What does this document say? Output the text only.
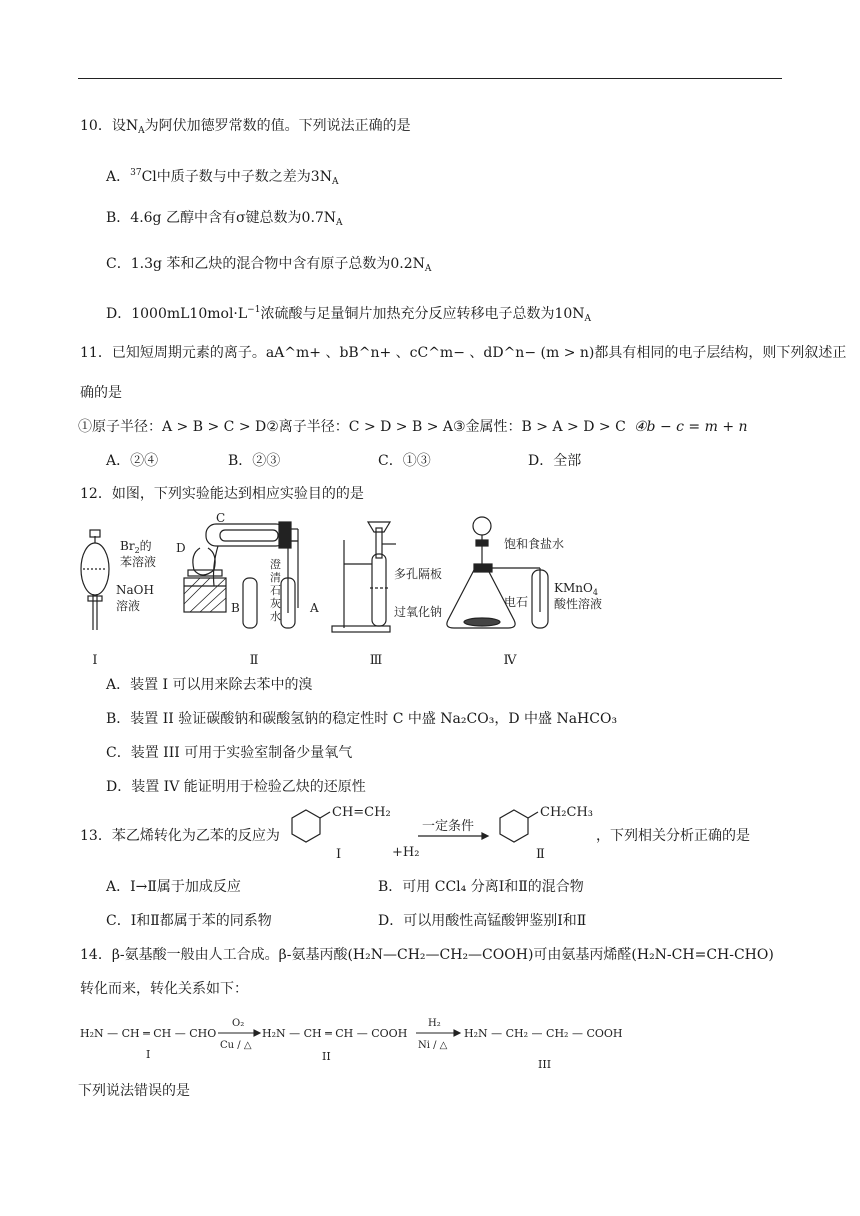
10．设$N_A$为阿伏加德罗常数的值。下列说法正确的是
A．$^{37}$Cl中质子数与中子数之差为$3N_A$
B．4.6g 乙醇中含有σ键总数为$0.7N_A$
C．1.3g 苯和乙炔的混合物中含有原子总数为$0.2N_A$
D．$1000mL10mol\cdot L^{-1}$浓硫酸与足量铜片加热充分反应转移电子总数为$10N_A$
11．已知短周期元素的离子。aA^m+ 、bB^n+ 、cC^m− 、dD^n− (m > n)都具有相同的电子层结构，则下列叙述正
确的是
①原子半径：A > B > C > D②离子半径：C > D > B > A③金属性：B > A > D > C ④b − c = m + n
A．②④	B．②③	C．①③	D．全部
12．如图，下列实验能达到相应实验目的的是
Ⅰ	Ⅱ	Ⅲ	Ⅳ
$Br_2$的
苯溶液
NaOH
溶液
C
D
B	A
澄
清
石
灰
水
多孔隔板
过氧化钠
饱和食盐水
电石
KMnO$_4$
酸性溶液
A．装置 I 可以用来除去苯中的溴
B．装置 II 验证碳酸钠和碳酸氢钠的稳定性时 C 中盛 Na₂CO₃，D 中盛 NaHCO₃
C．装置 III 可用于实验室制备少量氧气
D．装置 IV 能证明用于检验乙炔的还原性
13．苯乙烯转化为乙苯的反应为
CH=CH₂	CH₂CH₃
Ⅰ	Ⅱ
+H₂
一定条件
，下列相关分析正确的是
A．Ⅰ→Ⅱ属于加成反应	B．可用 CCl₄ 分离Ⅰ和Ⅱ的混合物
C．Ⅰ和Ⅱ都属于苯的同系物	D．可以用酸性高锰酸钾鉴别Ⅰ和Ⅱ
14．β-氨基酸一般由人工合成。β-氨基丙酸(H₂N—CH₂—CH₂—COOH)可由氨基丙烯醛(H₂N-CH=CH-CHO)
转化而来，转化关系如下：
H₂N — CH ═ CH — CHO
O₂
Cu / △
H₂N — CH ═ CH — COOH
H₂
Ni / △
H₂N — CH₂ — CH₂ — COOH
I	II
III
下列说法错误的是
